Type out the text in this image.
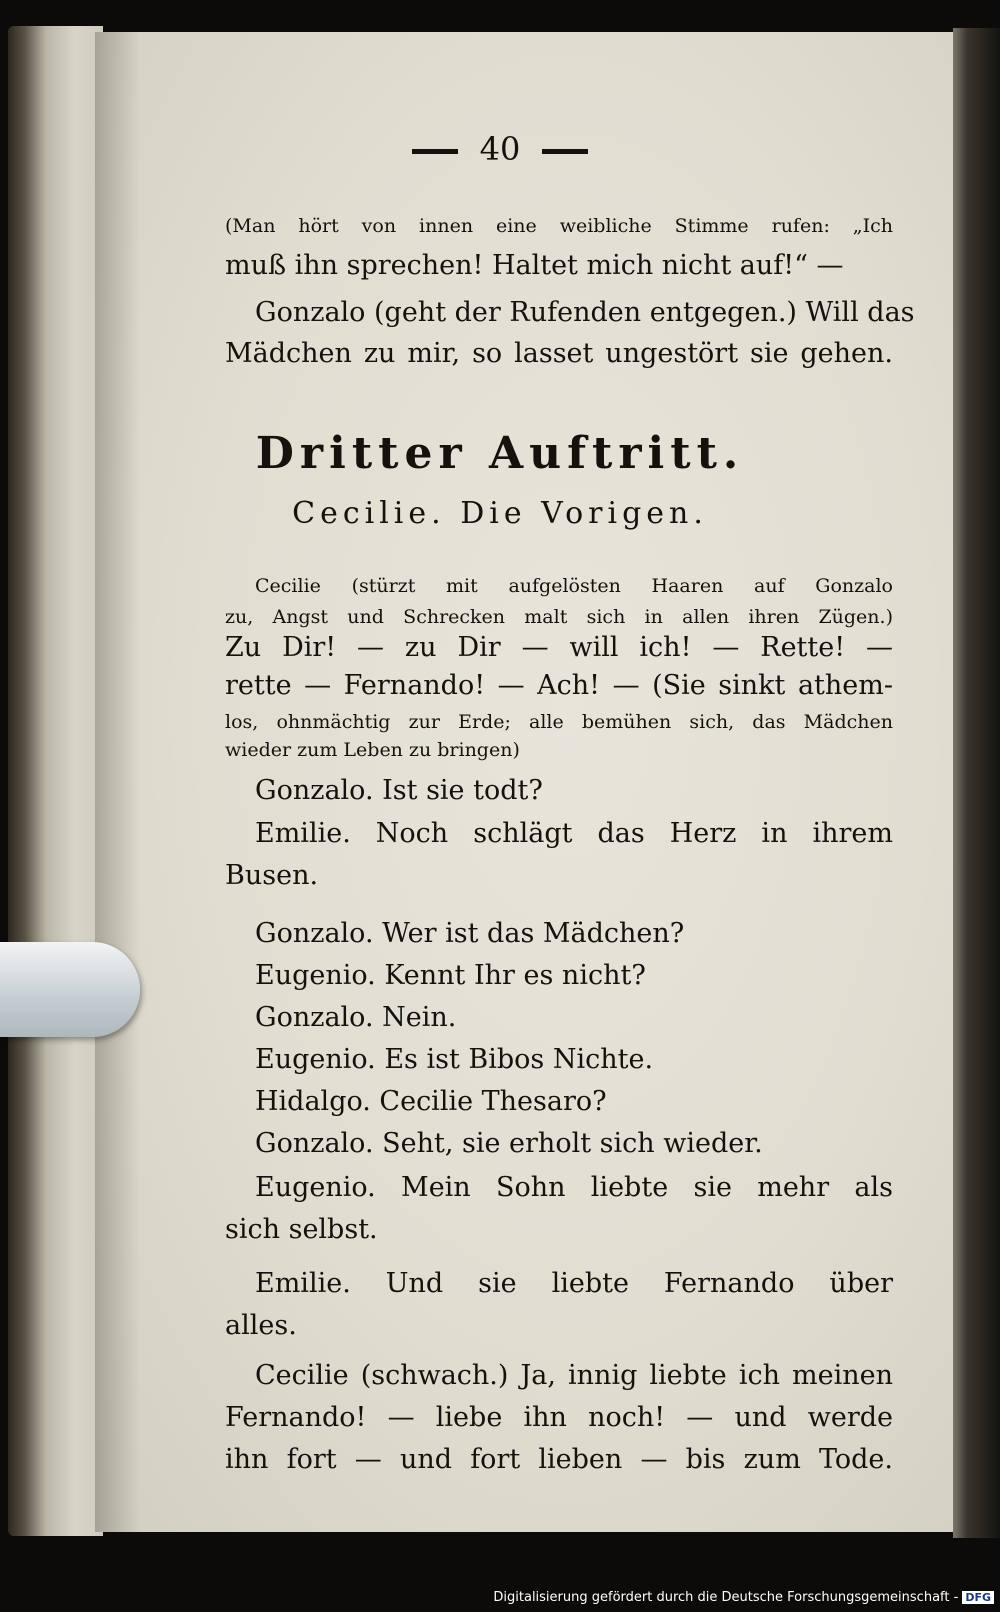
40
(Man hört von innen eine weibliche Stimme rufen: „Ich
muß ihn sprechen! Haltet mich nicht auf!“ —
Gonzalo (geht der Rufenden entgegen.) Will das
Mädchen zu mir, so lasset ungestört sie gehen.
Dritter Auftritt.
Cecilie. Die Vorigen.
Cecilie (stürzt mit aufgelösten Haaren auf Gonzalo
zu, Angst und Schrecken malt sich in allen ihren Zügen.)
Zu Dir! — zu Dir — will ich! — Rette! —
rette — Fernando! — Ach! — (Sie sinkt athem-
los, ohnmächtig zur Erde; alle bemühen sich, das Mädchen
wieder zum Leben zu bringen)
Gonzalo. Ist sie todt?
Emilie. Noch schlägt das Herz in ihrem
Busen.
Gonzalo. Wer ist das Mädchen?
Eugenio. Kennt Ihr es nicht?
Gonzalo. Nein.
Eugenio. Es ist Bibos Nichte.
Hidalgo. Cecilie Thesaro?
Gonzalo. Seht, sie erholt sich wieder.
Eugenio. Mein Sohn liebte sie mehr als
sich selbst.
Emilie. Und sie liebte Fernando über
alles.
Cecilie (schwach.) Ja, innig liebte ich meinen
Fernando! — liebe ihn noch! — und werde
ihn fort — und fort lieben — bis zum Tode.
Digitalisierung gefördert durch die Deutsche Forschungsgemeinschaft - DFG
